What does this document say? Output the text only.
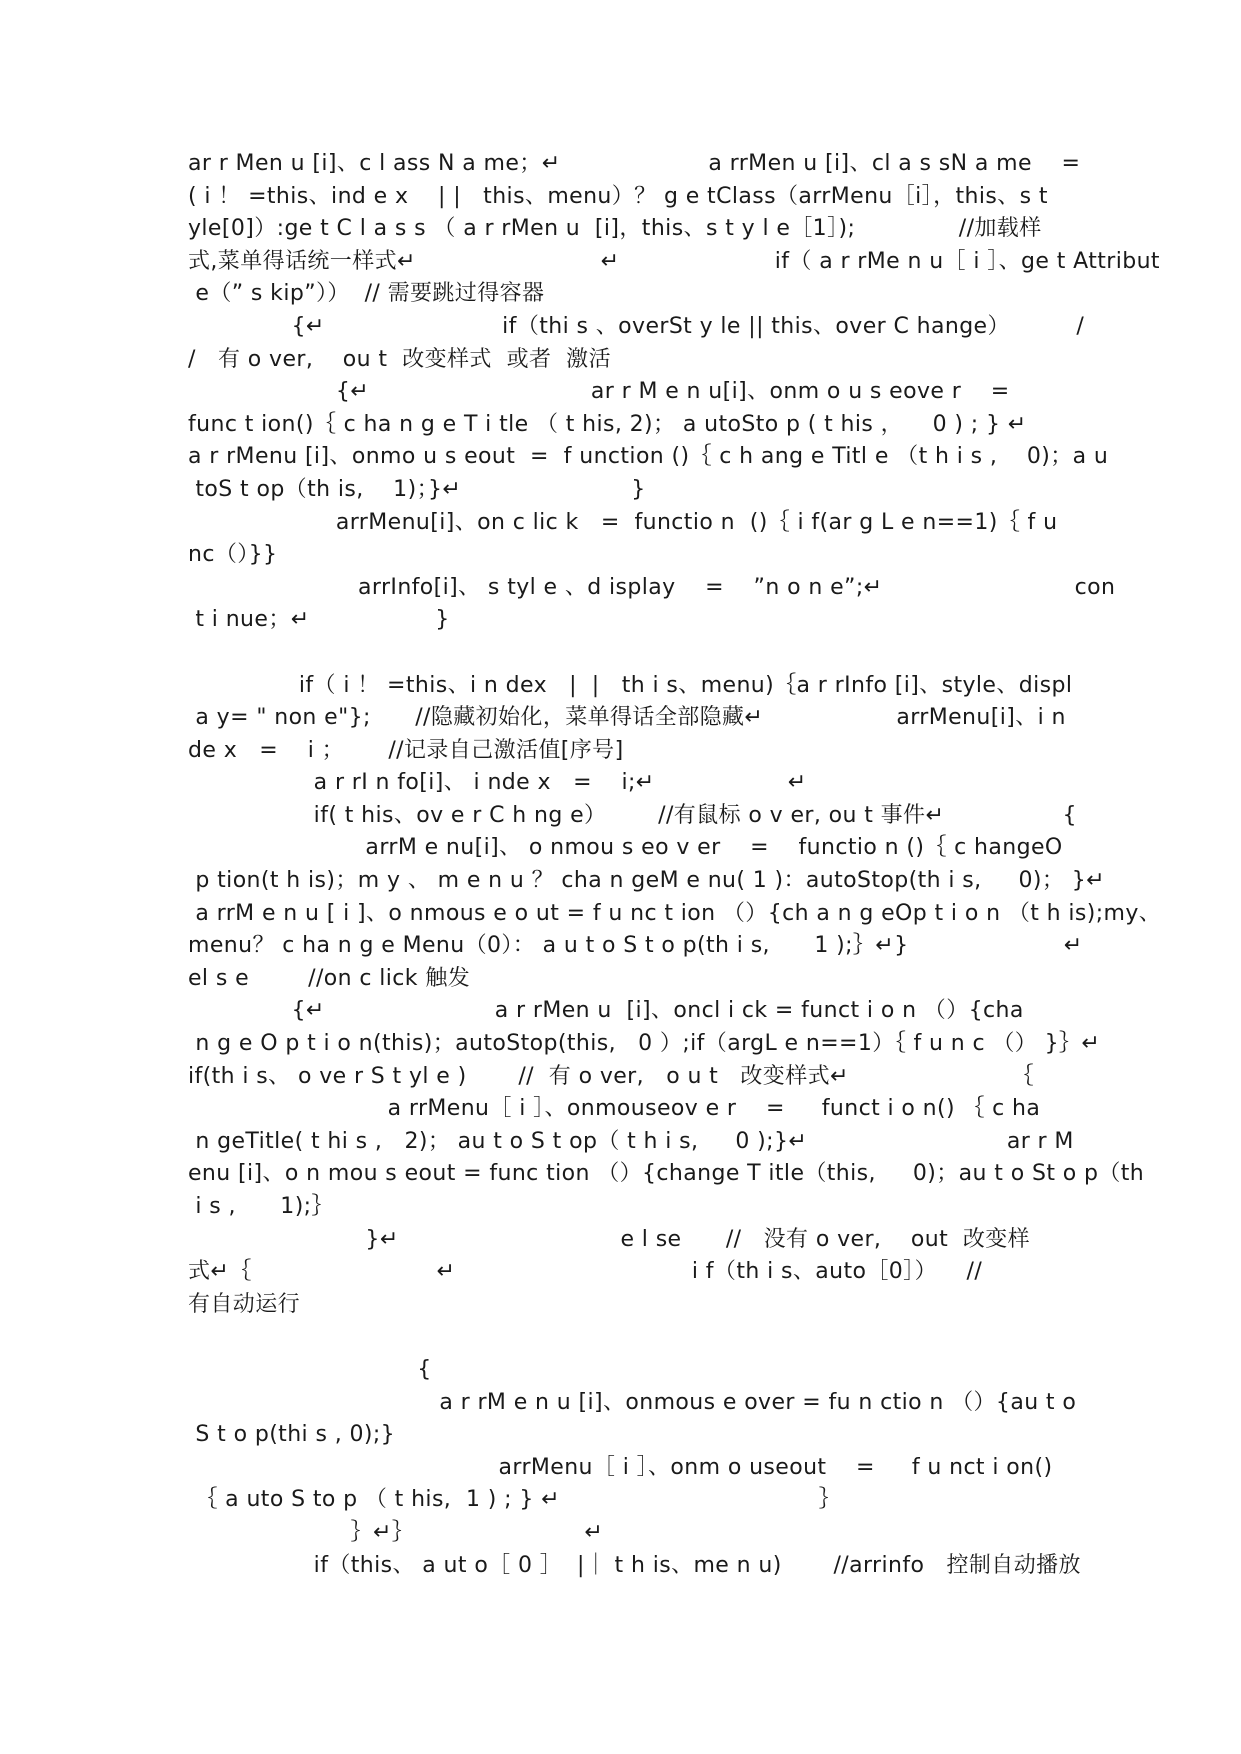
ar r Men u [i]、c l ass N a me；↵                    a rrMen u [i]、cl a s sN a me    =
( i ！ =this、ind e x    | |   this、menu）？ g e tClass（arrMenu［i］，this、s t
yle[0]）:ge t C l a s s （ a r rMen u  [i]，this、s t y l e［1］);              //加载样
式,菜单得话统一样式↵                         ↵                     if（ a r rMe n u［ i ］、ge t Attribut
e（” s kip”））  // 需要跳过得容器
{↵                        if（thi s 、overSt y le || this、over C hange）         /
/   有 o ver,    ou t  改变样式  或者  激活
{↵                              ar r M e n u[i]、onm o u s eove r    =
func t ion()｛ c ha n g e T i tle （ t his, 2)； a utoSto p ( t his ，    0 ) ; } ↵
a r rMenu [i]、onmo u s eout  =  f unction ()｛ c h ang e Titl e （t h i s ,    0)；a u
toS t op（th is,    1)；}↵                       }
arrMenu[i]、on c lic k   =  functio n  ()｛ i f(ar g L e n==1)｛ f u
nc（）}}
arrInfo[i]、 s tyl e 、d isplay    =    ”n o n e”;↵                          con
t i nue；↵                 }
if（ i ！ =this、i n dex   |  |   th i s、menu)｛a r rInfo [i]、style、displ
a y= " non e"};      //隐藏初始化，菜单得话全部隐藏↵                  arrMenu[i]、i n
de x   =    i ；      //记录自己激活值[序号]
a r rI n fo[i]、 i nde x   =    i;↵                  ↵
if( t his、ov e r C h ng e）       //有鼠标 o v er, ou t 事件↵                {
arrM e nu[i]、 o nmou s eo v er    =    functio n ()｛ c hangeO
p tion(t h is)；m y 、 m e n u ？ cha n geM e nu( 1 )：autoStop(th i s,     0)； }↵
a rrM e n u [ i ]、o nmous e o ut = f u nc t ion （）{ch a n g eOp t i o n （t h is);my、
menu？ c ha n g e Menu（0）： a u t o S t o p(th i s,      1 );｝↵}                     ↵
el s e        //on c lick 触发
{↵                       a r rMen u  [i]、oncl i ck = funct i o n （）{cha
n g e O p t i o n(this)；autoStop(this,   0 ）;if（argL e n==1）｛ f u n c （） }｝↵
if(th i s、 o ve r S t yl e )       //  有 o ver,   o u t   改变样式↵                      ｛
a rrMenu［ i ］、onmouseov e r    =     funct i o n() ｛ c ha
n geTitle( t hi s ,   2)； au t o S t op（ t h i s,     0 );}↵                           ar r M
enu [i]、o n mou s eout = func tion （）{change T itle（this,     0)；au t o St o p（th
i s ,      1);｝
}↵                              e l se      //   没有 o ver,    out  改变样
式↵｛                         ↵                                i f（th i s、auto［0］）    //
有自动运行
{
a r rM e n u [i]、onmous e over = fu n ctio n （）{au t o
S t o p(thi s , 0);}
arrMenu［ i ］、onm o useout    =     f u nct i on()
｛ a uto S to p （ t his,  1 ) ; } ↵                                   ｝
｝↵｝                       ↵
if（this、 a ut o［ 0 ］  |｜ t h is、me n u)       //arrinfo   控制自动播放
